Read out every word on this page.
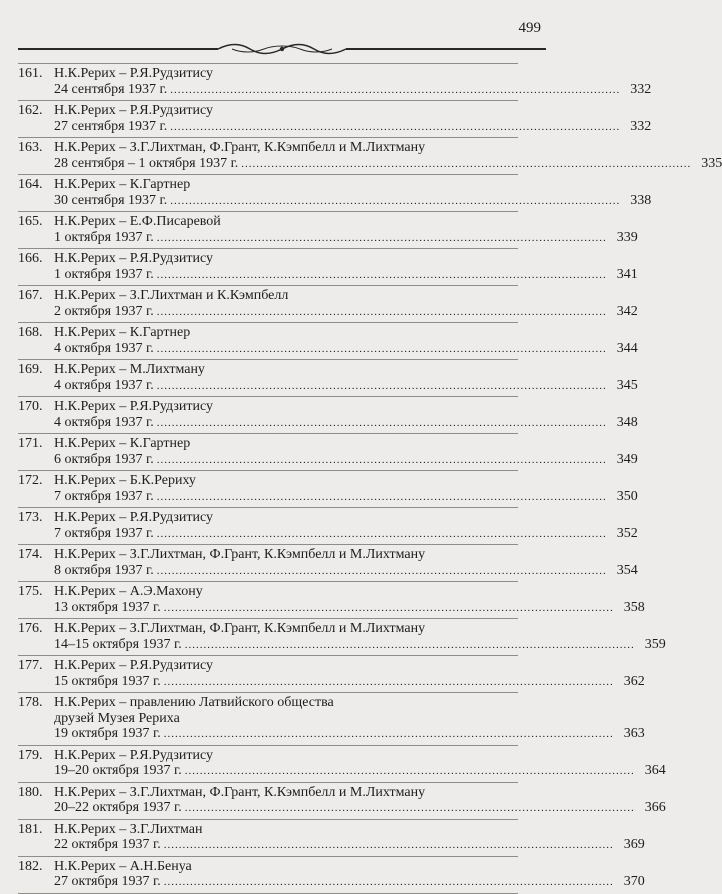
499
161. Н.К.Рерих – Р.Я.Рудзитису
24 сентября 1937 г. ........................................................................................................................ 332
162. Н.К.Рерих – Р.Я.Рудзитису
27 сентября 1937 г. ........................................................................................................................ 332
163. Н.К.Рерих – З.Г.Лихтман, Ф.Грант, К.Кэмпбелл и М.Лихтману
28 сентября – 1 октября 1937 г. ........................................................................................................................ 335
164. Н.К.Рерих – К.Гартнер
30 сентября 1937 г. ........................................................................................................................ 338
165. Н.К.Рерих – Е.Ф.Писаревой
1 октября 1937 г. ........................................................................................................................ 339
166. Н.К.Рерих – Р.Я.Рудзитису
1 октября 1937 г. ........................................................................................................................ 341
167. Н.К.Рерих – З.Г.Лихтман и К.Кэмпбелл
2 октября 1937 г. ........................................................................................................................ 342
168. Н.К.Рерих – К.Гартнер
4 октября 1937 г. ........................................................................................................................ 344
169. Н.К.Рерих – М.Лихтману
4 октября 1937 г. ........................................................................................................................ 345
170. Н.К.Рерих – Р.Я.Рудзитису
4 октября 1937 г. ........................................................................................................................ 348
171. Н.К.Рерих – К.Гартнер
6 октября 1937 г. ........................................................................................................................ 349
172. Н.К.Рерих – Б.К.Рериху
7 октября 1937 г. ........................................................................................................................ 350
173. Н.К.Рерих – Р.Я.Рудзитису
7 октября 1937 г. ........................................................................................................................ 352
174. Н.К.Рерих – З.Г.Лихтман, Ф.Грант, К.Кэмпбелл и М.Лихтману
8 октября 1937 г. ........................................................................................................................ 354
175. Н.К.Рерих – А.Э.Махону
13 октября 1937 г. ........................................................................................................................ 358
176. Н.К.Рерих – З.Г.Лихтман, Ф.Грант, К.Кэмпбелл и М.Лихтману
14–15 октября 1937 г. ........................................................................................................................ 359
177. Н.К.Рерих – Р.Я.Рудзитису
15 октября 1937 г. ........................................................................................................................ 362
178. Н.К.Рерих – правлению Латвийского общества
друзей Музея Рериха
19 октября 1937 г. ........................................................................................................................ 363
179. Н.К.Рерих – Р.Я.Рудзитису
19–20 октября 1937 г. ........................................................................................................................ 364
180. Н.К.Рерих – З.Г.Лихтман, Ф.Грант, К.Кэмпбелл и М.Лихтману
20–22 октября 1937 г. ........................................................................................................................ 366
181. Н.К.Рерих – З.Г.Лихтман
22 октября 1937 г. ........................................................................................................................ 369
182. Н.К.Рерих – А.Н.Бенуа
27 октября 1937 г. ........................................................................................................................ 370
